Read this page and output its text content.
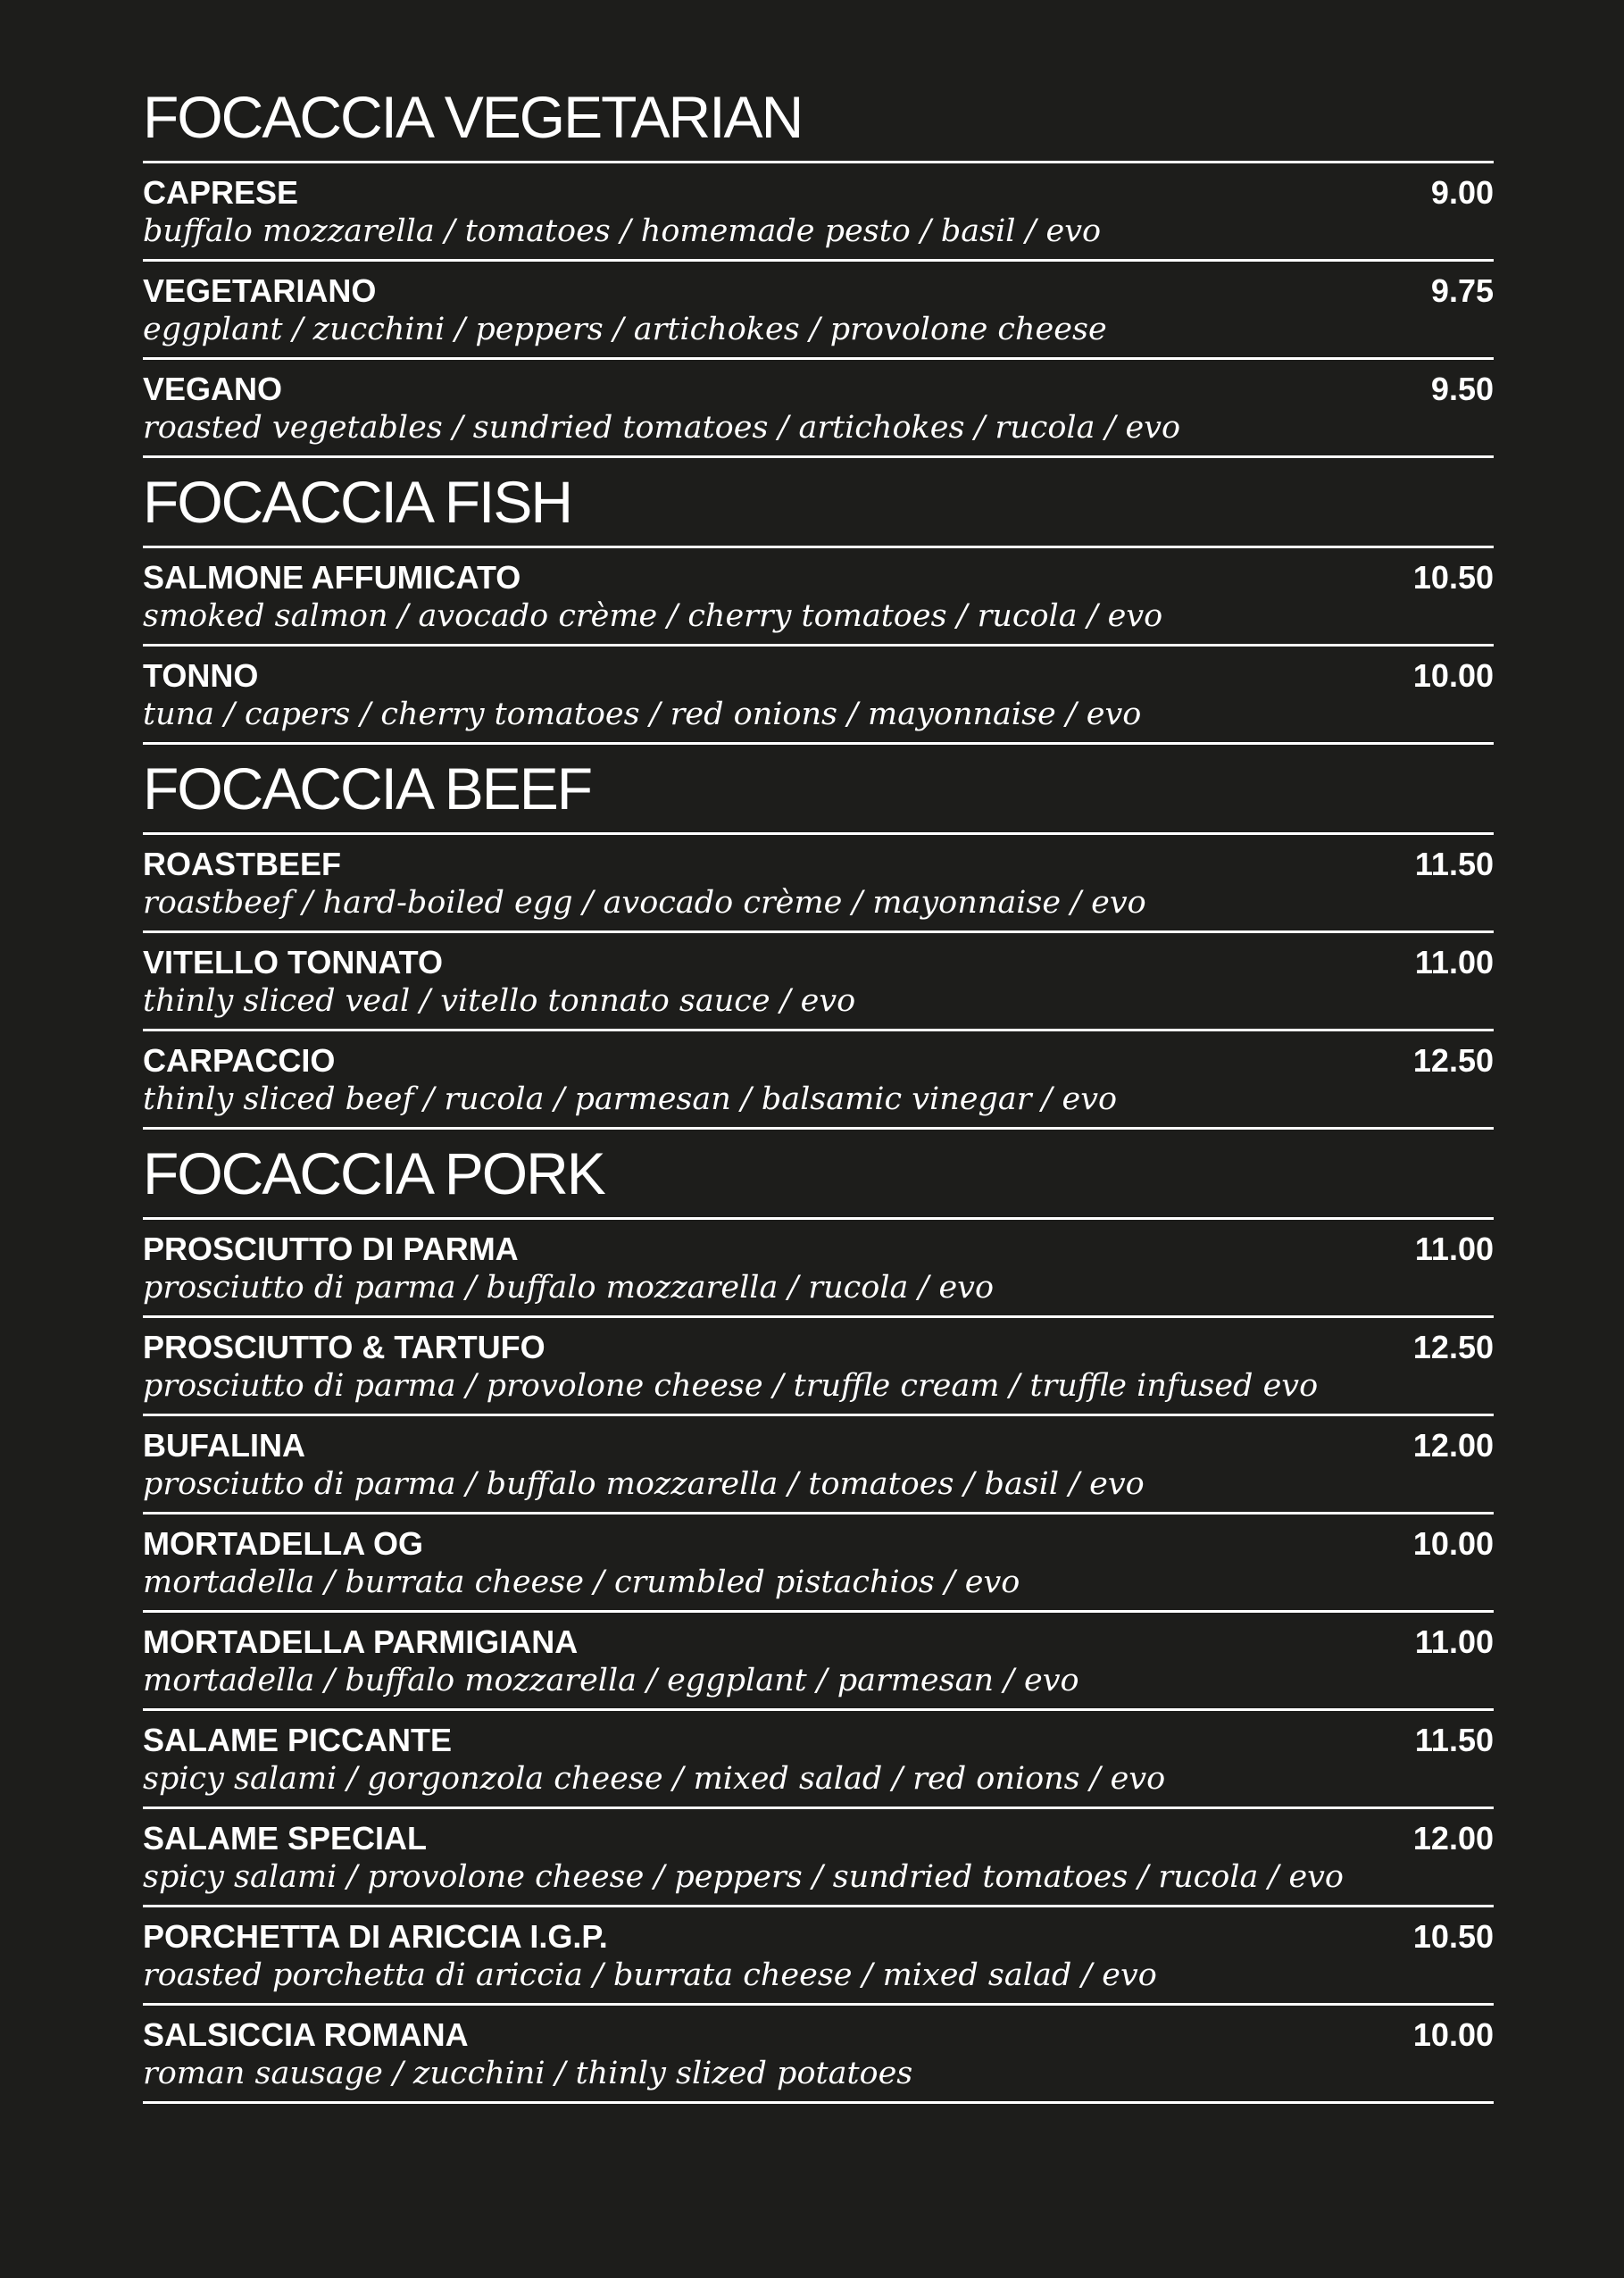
FOCACCIA VEGETARIAN
CAPRESE	9.00
buffalo mozzarella / tomatoes / homemade pesto / basil / evo
VEGETARIANO	9.75
eggplant / zucchini / peppers / artichokes / provolone cheese
VEGANO	9.50
roasted vegetables / sundried tomatoes / artichokes / rucola / evo
FOCACCIA FISH
SALMONE AFFUMICATO	10.50
smoked salmon / avocado crème / cherry tomatoes / rucola / evo
TONNO	10.00
tuna / capers / cherry tomatoes / red onions / mayonnaise / evo
FOCACCIA BEEF
ROASTBEEF	11.50
roastbeef / hard-boiled egg / avocado crème / mayonnaise / evo
VITELLO TONNATO	11.00
thinly sliced veal / vitello tonnato sauce / evo
CARPACCIO	12.50
thinly sliced beef / rucola / parmesan / balsamic vinegar / evo
FOCACCIA PORK
PROSCIUTTO DI PARMA	11.00
prosciutto di parma / buffalo mozzarella / rucola / evo
PROSCIUTTO & TARTUFO	12.50
prosciutto di parma / provolone cheese / truffle cream / truffle infused evo
BUFALINA	12.00
prosciutto di parma / buffalo mozzarella / tomatoes / basil / evo
MORTADELLA OG	10.00
mortadella / burrata cheese / crumbled pistachios / evo
MORTADELLA PARMIGIANA	11.00
mortadella / buffalo mozzarella / eggplant / parmesan / evo
SALAME PICCANTE	11.50
spicy salami / gorgonzola cheese / mixed salad / red onions / evo
SALAME SPECIAL	12.00
spicy salami / provolone cheese / peppers / sundried tomatoes / rucola / evo
PORCHETTA DI ARICCIA I.G.P.	10.50
roasted porchetta di ariccia / burrata cheese / mixed salad / evo
SALSICCIA ROMANA	10.00
roman sausage / zucchini / thinly slized potatoes
